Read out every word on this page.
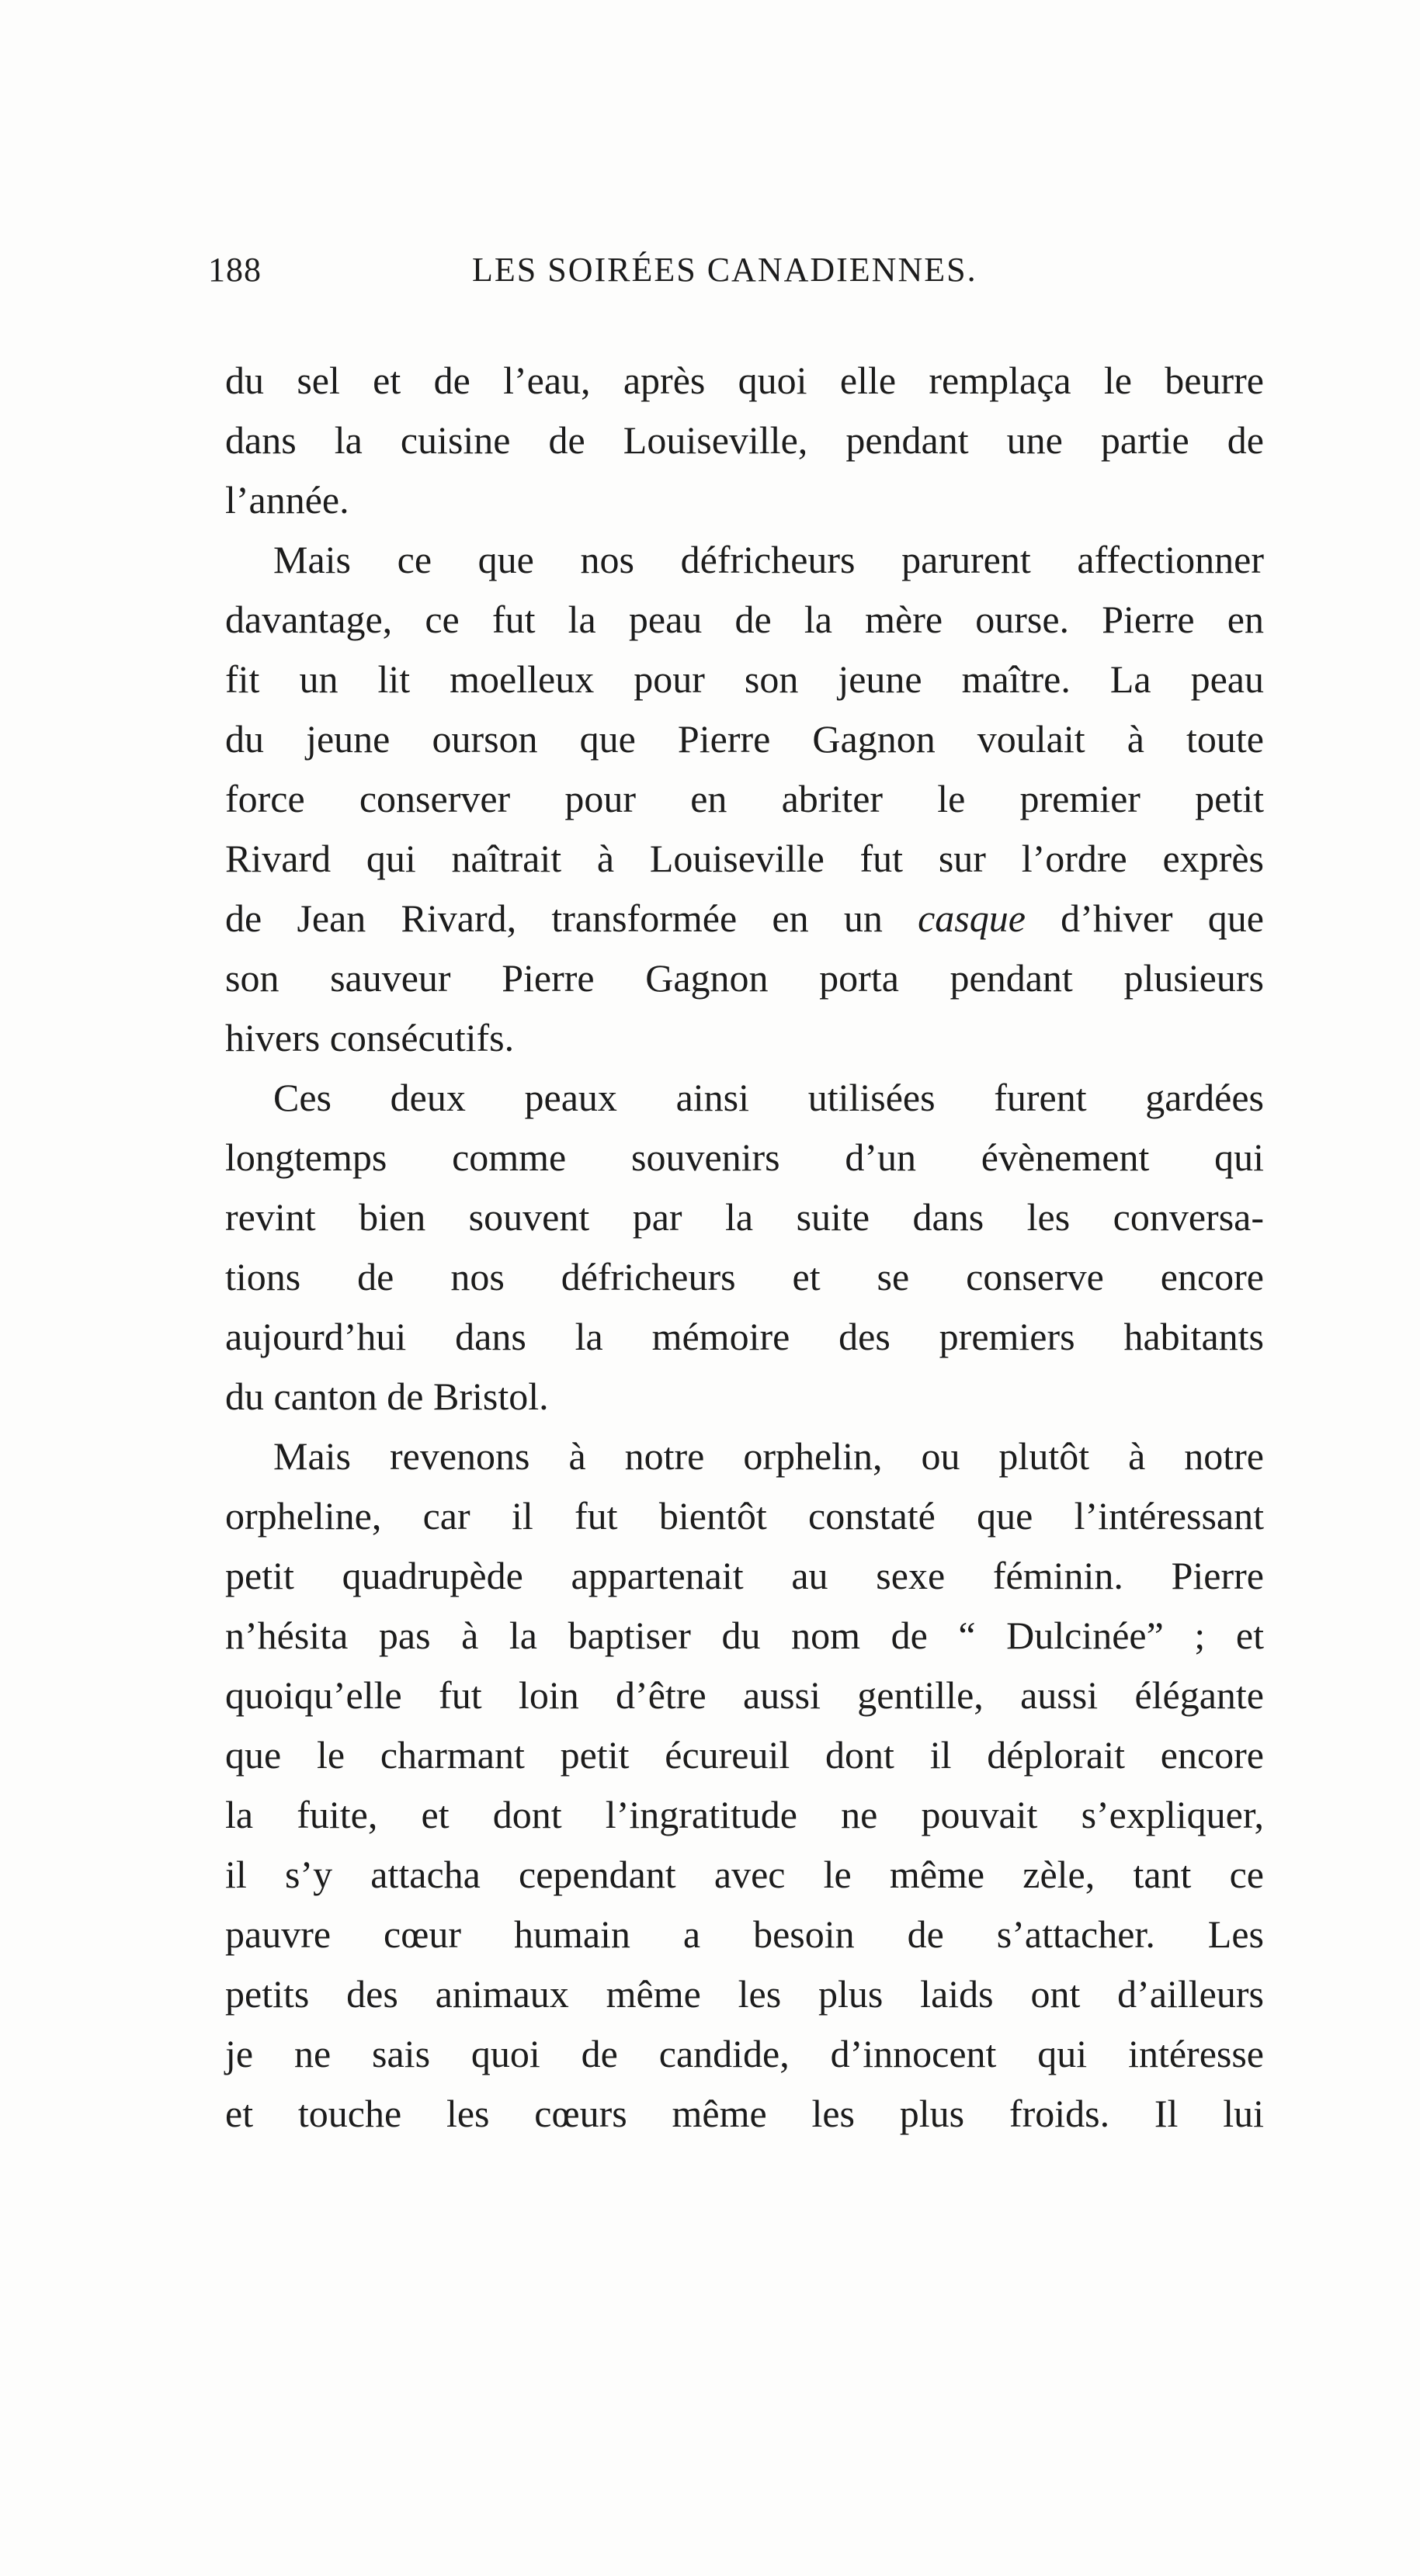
188	LES SOIRÉES CANADIENNES.
du sel et de l’eau, après quoi elle remplaça le beurre
dans la cuisine de Louiseville, pendant une partie de
l’année.
Mais ce que nos défricheurs parurent affectionner
davantage, ce fut la peau de la mère ourse. Pierre en
fit un lit moelleux pour son jeune maître. La peau
du jeune ourson que Pierre Gagnon voulait à toute
force conserver pour en abriter le premier petit
Rivard qui naîtrait à Louiseville fut sur l’ordre exprès
de Jean Rivard, transformée en un casque d’hiver que
son sauveur Pierre Gagnon porta pendant plusieurs
hivers consécutifs.
Ces deux peaux ainsi utilisées furent gardées
longtemps comme souvenirs d’un évènement qui
revint bien souvent par la suite dans les conversa-
tions de nos défricheurs et se conserve encore
aujourd’hui dans la mémoire des premiers habitants
du canton de Bristol.
Mais revenons à notre orphelin, ou plutôt à notre
orpheline, car il fut bientôt constaté que l’intéressant
petit quadrupède appartenait au sexe féminin. Pierre
n’hésita pas à la baptiser du nom de “ Dulcinée” ; et
quoiqu’elle fut loin d’être aussi gentille, aussi élégante
que le charmant petit écureuil dont il déplorait encore
la fuite, et dont l’ingratitude ne pouvait s’expliquer,
il s’y attacha cependant avec le même zèle, tant ce
pauvre cœur humain a besoin de s’attacher. Les
petits des animaux même les plus laids ont d’ailleurs
je ne sais quoi de candide, d’innocent qui intéresse
et touche les cœurs même les plus froids. Il lui
